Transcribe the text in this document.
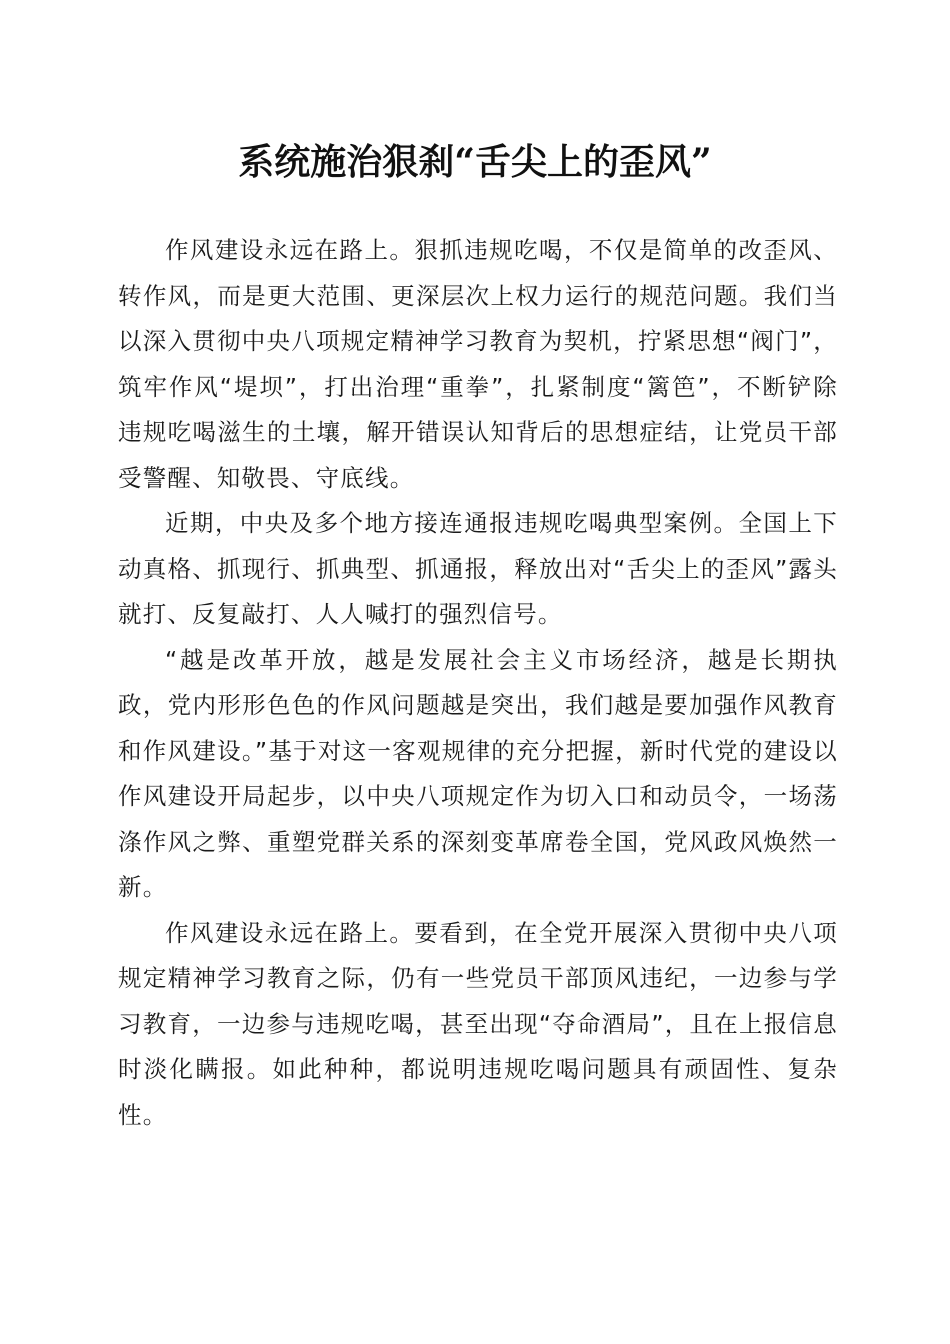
系统施治狠刹“舌尖上的歪风”

作风建设永远在路上。狠抓违规吃喝，不仅是简单的改歪风、转作风，而是更大范围、更深层次上权力运行的规范问题。我们当以深入贯彻中央八项规定精神学习教育为契机，拧紧思想“阀门”，筑牢作风“堤坝”，打出治理“重拳”，扎紧制度“篱笆”，不断铲除违规吃喝滋生的土壤，解开错误认知背后的思想症结，让党员干部受警醒、知敬畏、守底线。

近期，中央及多个地方接连通报违规吃喝典型案例。全国上下动真格、抓现行、抓典型、抓通报，释放出对“舌尖上的歪风”露头就打、反复敲打、人人喊打的强烈信号。

“越是改革开放，越是发展社会主义市场经济，越是长期执政，党内形形色色的作风问题越是突出，我们越是要加强作风教育和作风建设。”基于对这一客观规律的充分把握，新时代党的建设以作风建设开局起步，以中央八项规定作为切入口和动员令，一场荡涤作风之弊、重塑党群关系的深刻变革席卷全国，党风政风焕然一新。

作风建设永远在路上。要看到，在全党开展深入贯彻中央八项规定精神学习教育之际，仍有一些党员干部顶风违纪，一边参与学习教育，一边参与违规吃喝，甚至出现“夺命酒局”，且在上报信息时淡化瞒报。如此种种，都说明违规吃喝问题具有顽固性、复杂性。
